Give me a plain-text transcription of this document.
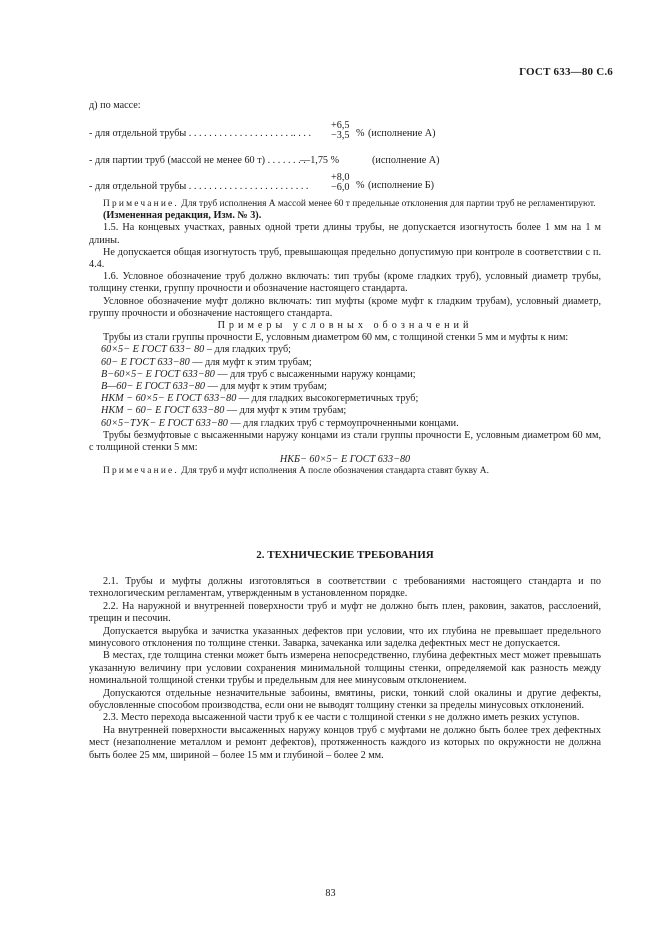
ГОСТ 633—80 С.6
д) по массе:
- для отдельной трубы . . . . . . . . . . . . . . . . . . . . .. . . .
+6,5
−3,5 % (исполнение А)
- для партии труб (массой не менее 60 т) . . . . . . . .
—1,75 %	(исполнение А)
- для отдельной трубы . . . . . . . . . . . . . . . . . . . . . . . .
+8,0
−6,0 % (исполнение Б)

Примечание. Для труб исполнения А массой менее 60 т предельные отклонения для партии труб не регламентируют.

(Измененная редакция, Изм. № 3).

1.5. На концевых участках, равных одной трети длины трубы, не допускается изогнутость более 1 мм на 1 м длины.

Не допускается общая изогнутость труб, превышающая предельно допустимую при контроле в соответствии с п. 4.4.

1.6. Условное обозначение труб должно включать: тип трубы (кроме гладких труб), условный диаметр трубы, толщину стенки, группу прочности и обозначение настоящего стандарта.

Условное обозначение муфт должно включать: тип муфты (кроме муфт к гладким трубам), условный диаметр, группу прочности и обозначение настоящего стандарта.

Примеры условных обозначений

Трубы из стали группы прочности Е, условным диаметром 60 мм, с толщиной стенки 5 мм и муфты к ним:

60×5− Е ГОСТ 633− 80 – для гладких труб;

60− Е ГОСТ 633−80 — для муфт к этим трубам;

В−60×5− Е ГОСТ 633−80 — для труб с высаженными наружу концами;

В—60− Е ГОСТ 633−80 — для муфт к этим трубам;

НКМ − 60×5− Е ГОСТ 633−80 — для гладких высокогерметичных труб;

НКМ − 60− Е ГОСТ 633−80 — для муфт к этим трубам;

60×5−ТУК− Е ГОСТ 633−80 — для гладких труб с термоупрочненными концами.

Трубы безмуфтовые с высаженными наружу концами из стали группы прочности Е, условным диаметром 60 мм, с толщиной стенки 5 мм:

НКБ− 60×5− Е ГОСТ 633−80

Примечание. Для труб и муфт исполнения А после обозначения стандарта ставят букву А.

2. ТЕХНИЧЕСКИЕ ТРЕБОВАНИЯ

2.1. Трубы и муфты должны изготовляться в соответствии с требованиями настоящего стандарта и по технологическим регламентам, утвержденным в установленном порядке.

2.2. На наружной и внутренней поверхности труб и муфт не должно быть плен, раковин, закатов, расслоений, трещин и песочин.

Допускается вырубка и зачистка указанных дефектов при условии, что их глубина не превышает предельного минусового отклонения по толщине стенки. Заварка, зачеканка или заделка дефектных мест не допускается.

В местах, где толщина стенки может быть измерена непосредственно, глубина дефектных мест может превышать указанную величину при условии сохранения минимальной толщины стенки, определяемой как разность между номинальной толщиной стенки трубы и предельным для нее минусовым отклонением.

Допускаются отдельные незначительные забоины, вмятины, риски, тонкий слой окалины и другие дефекты, обусловленные способом производства, если они не выводят толщину стенки за пределы минусовых отклонений.

2.3. Место перехода высаженной части труб к ее части с толщиной стенки s не должно иметь резких уступов.

На внутренней поверхности высаженных наружу концов труб с муфтами не должно быть более трех дефектных мест (незаполнение металлом и ремонт дефектов), протяженность каждого из которых по окружности не должна быть более 25 мм, шириной – более 15 мм и глубиной – более 2 мм.

83
